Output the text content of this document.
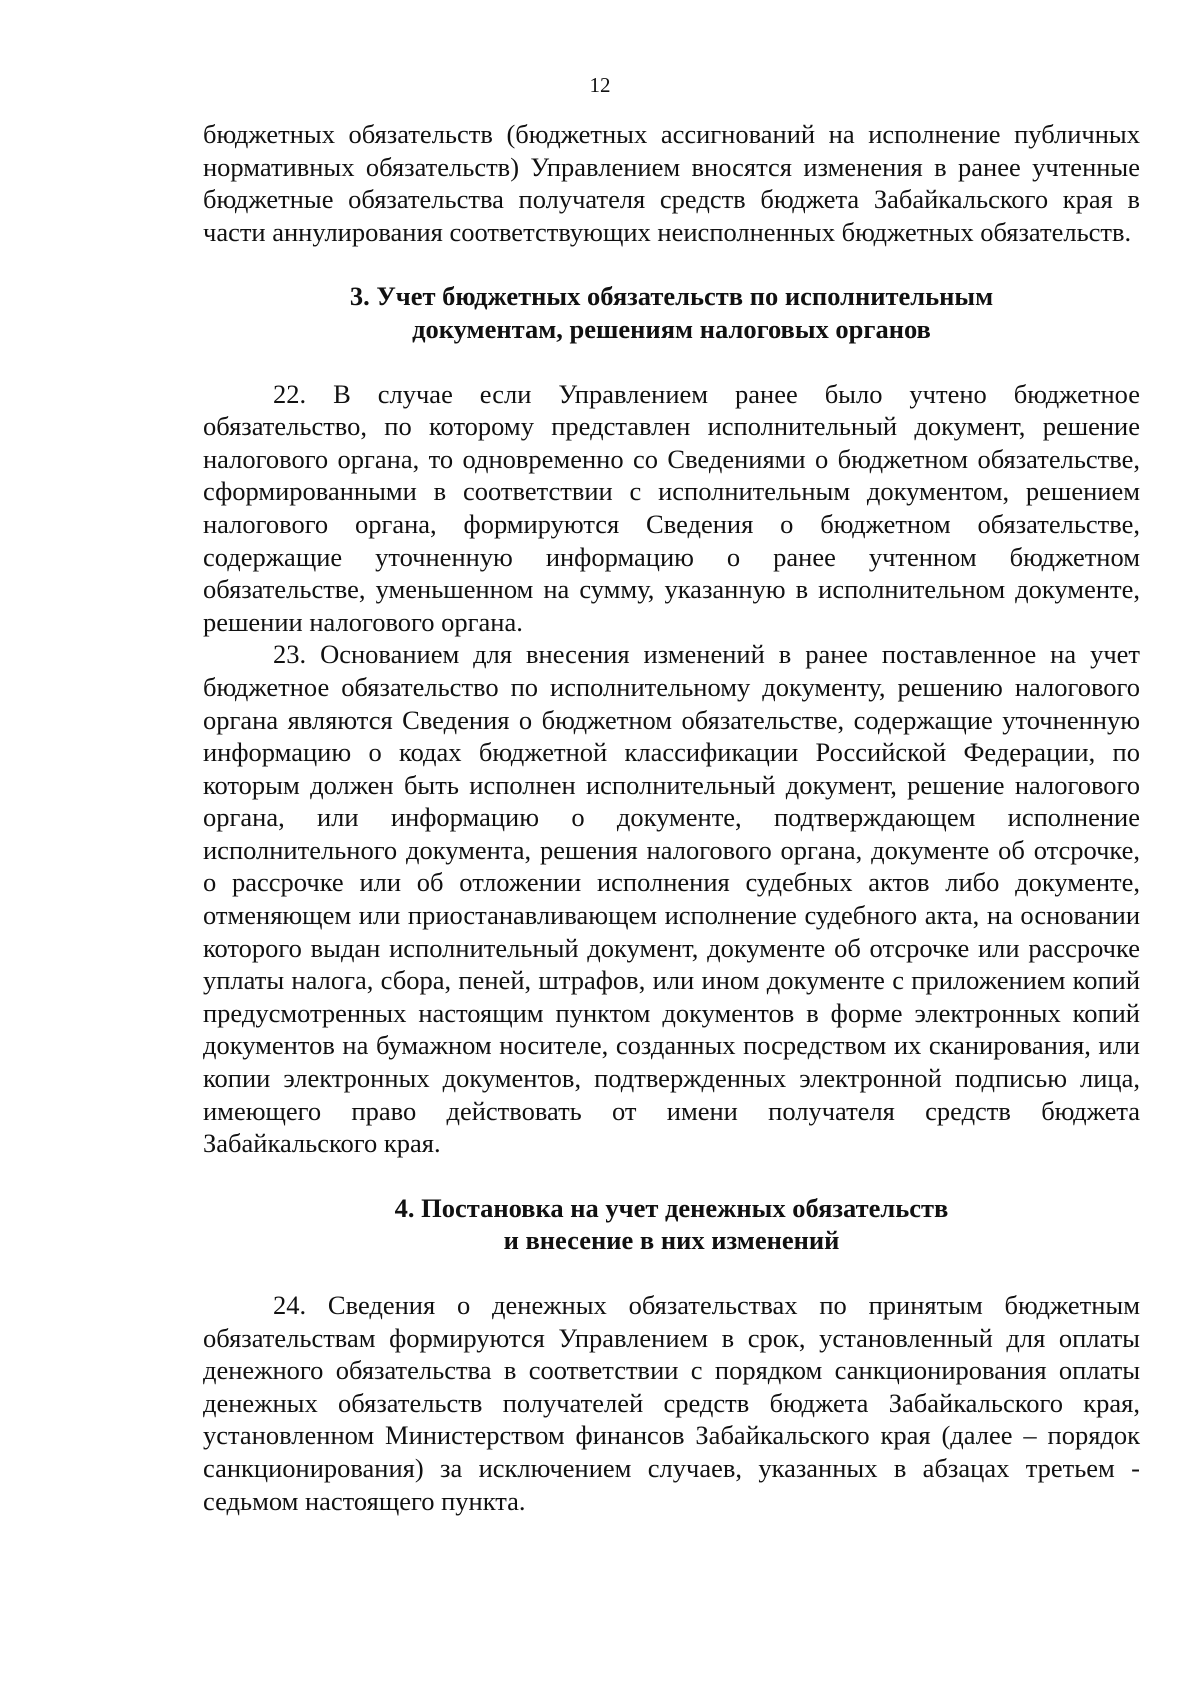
12

бюджетных обязательств (бюджетных ассигнований на исполнение публичных нормативных обязательств) Управлением вносятся изменения в ранее учтенные бюджетные обязательства получателя средств бюджета Забайкальского края в части аннулирования соответствующих неисполненных бюджетных обязательств.

3. Учет бюджетных обязательств по исполнительным

документам, решениям налоговых органов

22. В случае если Управлением ранее было учтено бюджетное обязательство, по которому представлен исполнительный документ, решение налогового органа, то одновременно со Сведениями о бюджетном обязательстве, сформированными в соответствии с исполнительным документом, решением налогового органа, формируются Сведения о бюджетном обязательстве, содержащие уточненную информацию о ранее учтенном бюджетном обязательстве, уменьшенном на сумму, указанную в исполнительном документе, решении налогового органа.

23. Основанием для внесения изменений в ранее поставленное на учет бюджетное обязательство по исполнительному документу, решению налогового органа являются Сведения о бюджетном обязательстве, содержащие уточненную информацию о кодах бюджетной классификации Российской Федерации, по которым должен быть исполнен исполнительный документ, решение налогового органа, или информацию о документе, подтверждающем исполнение исполнительного документа, решения налогового органа, документе об отсрочке, о рассрочке или об отложении исполнения судебных актов либо документе, отменяющем или приостанавливающем исполнение судебного акта, на основании которого выдан исполнительный документ, документе об отсрочке или рассрочке уплаты налога, сбора, пеней, штрафов, или ином документе с приложением копий предусмотренных настоящим пунктом документов в форме электронных копий документов на бумажном носителе, созданных посредством их сканирования, или копии электронных документов, подтвержденных электронной подписью лица, имеющего право действовать от имени получателя средств бюджета Забайкальского края.

4. Постановка на учет денежных обязательств

и внесение в них изменений

24. Сведения о денежных обязательствах по принятым бюджетным обязательствам формируются Управлением в срок, установленный для оплаты денежного обязательства в соответствии с порядком санкционирования оплаты денежных обязательств получателей средств бюджета Забайкальского края, установленном Министерством финансов Забайкальского края (далее – порядок санкционирования) за исключением случаев, указанных в абзацах третьем - седьмом настоящего пункта.
